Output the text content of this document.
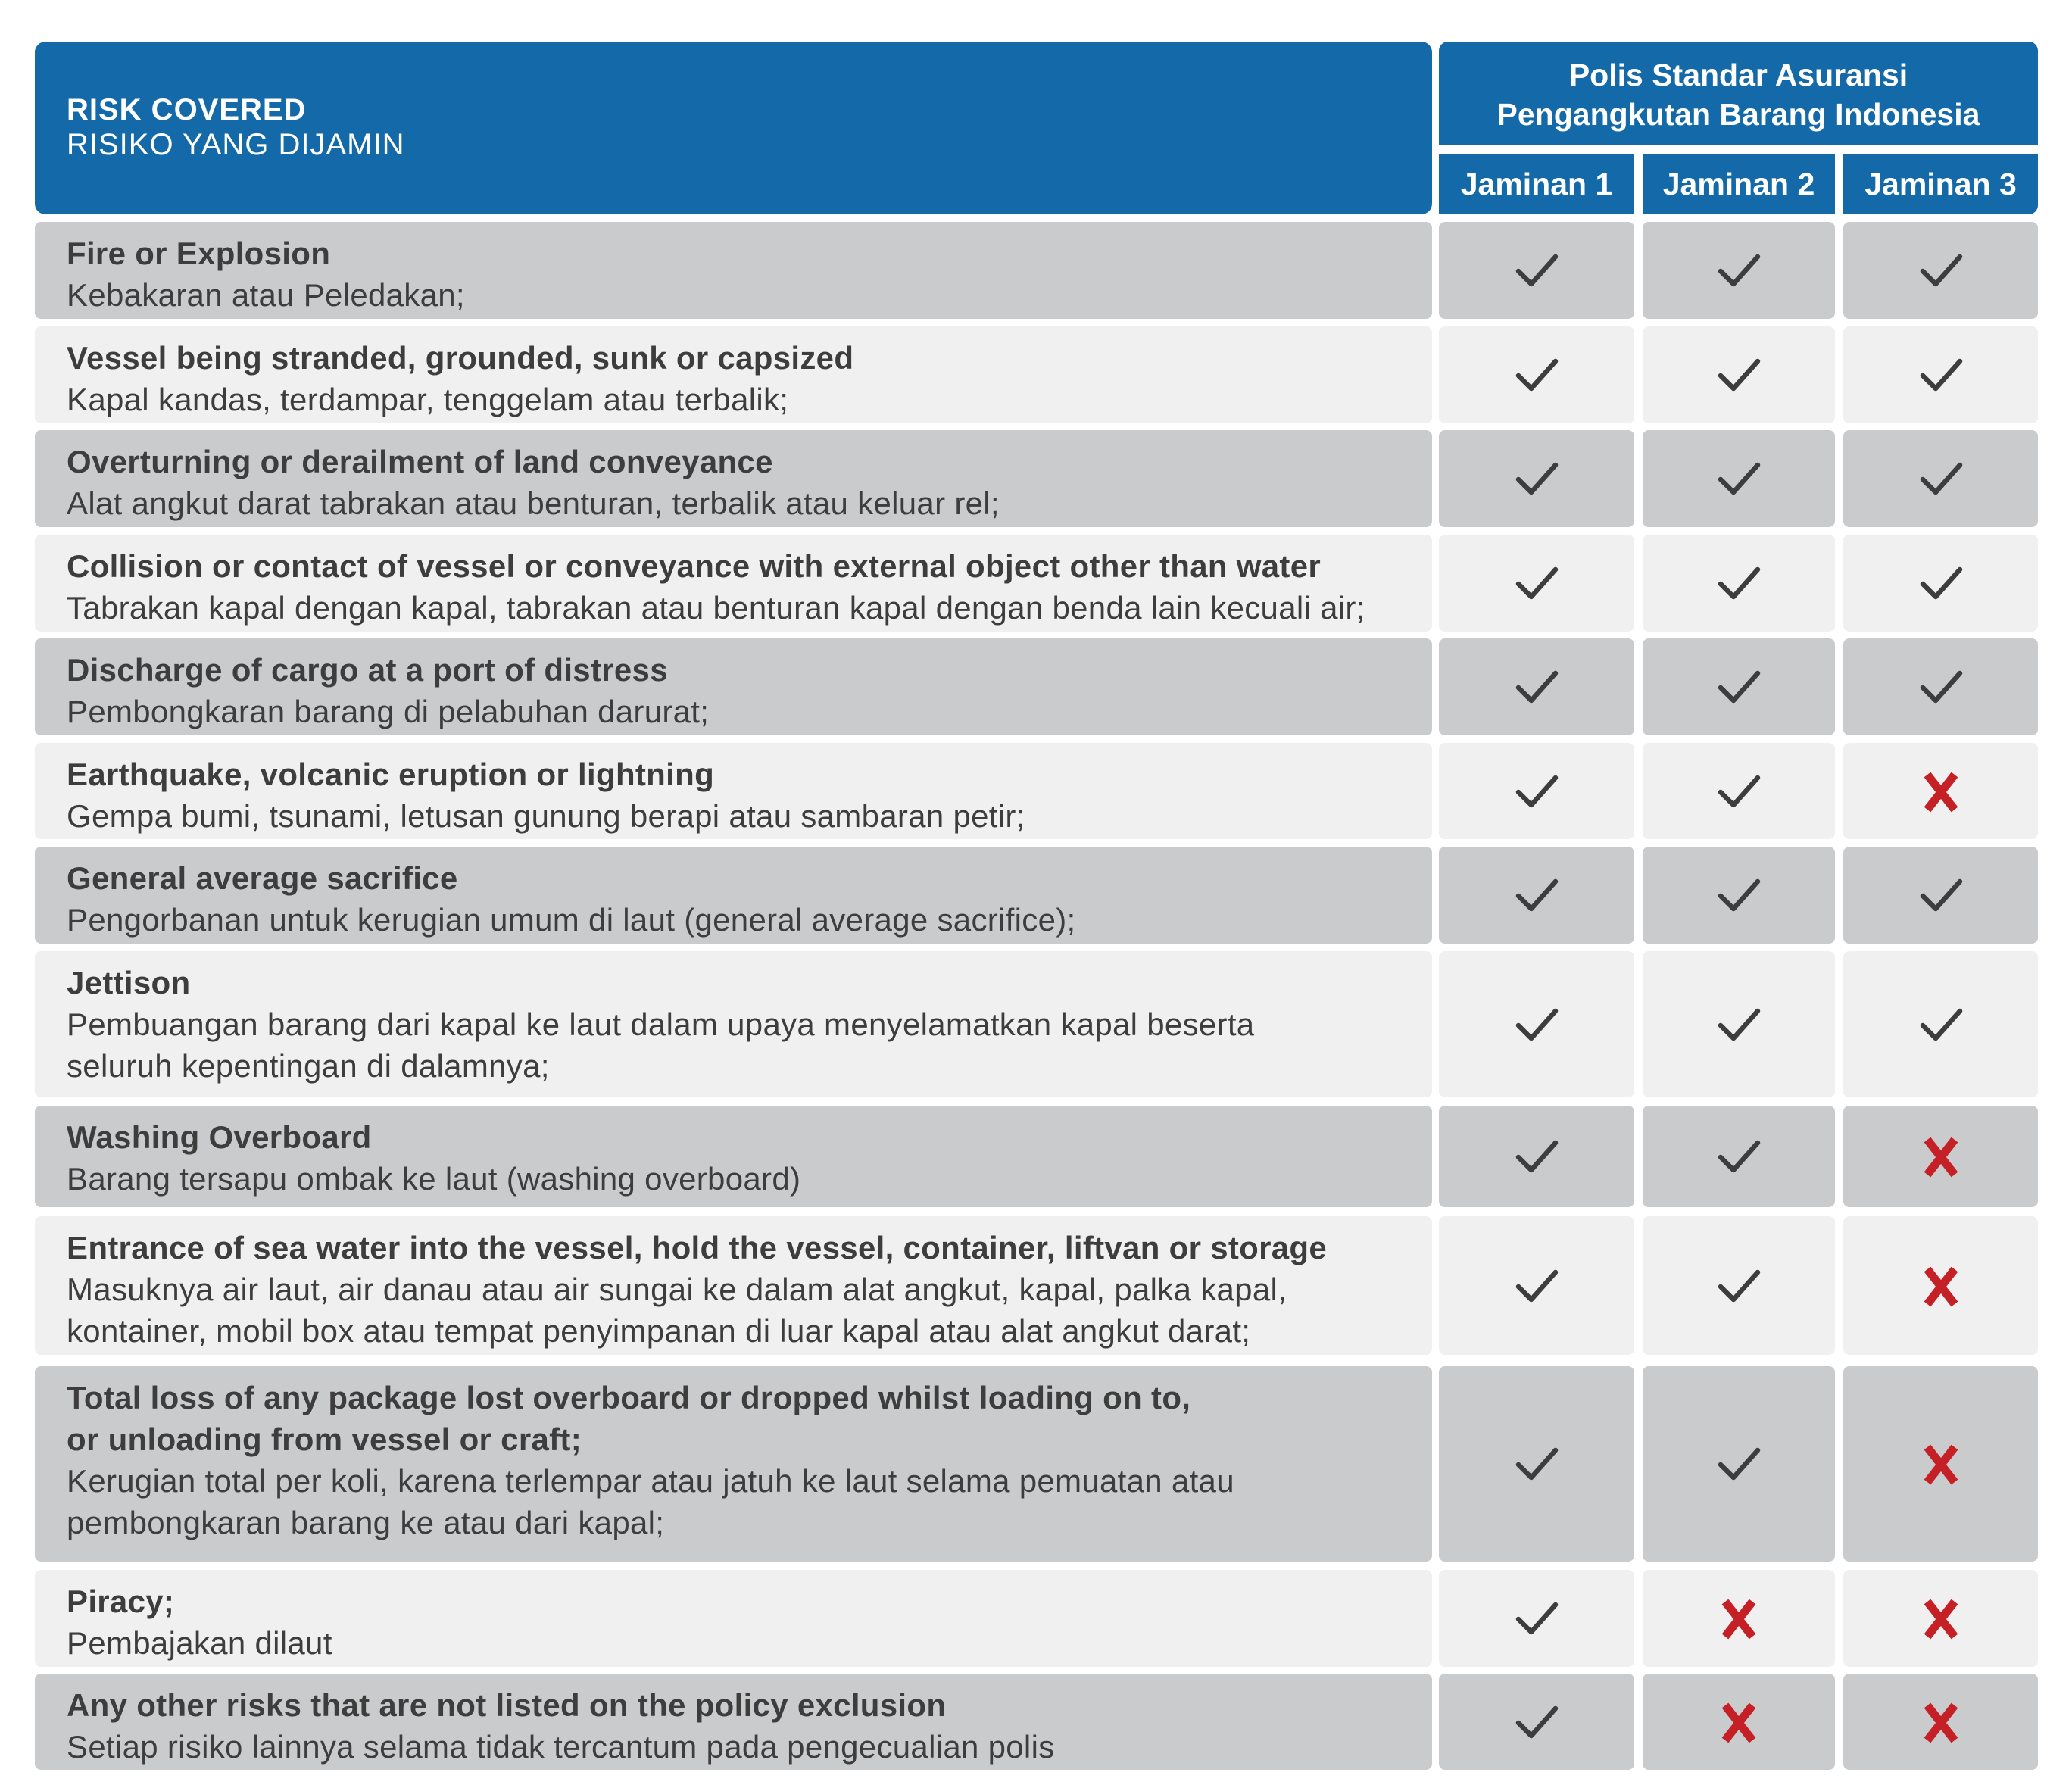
RISK COVERED
RISIKO YANG DIJAMIN
Polis Standar Asuransi
Pengangkutan Barang Indonesia
Jaminan 1	Jaminan 2	Jaminan 3
Fire or Explosion
Kebakaran atau Peledakan;
Vessel being stranded, grounded, sunk or capsized
Kapal kandas, terdampar, tenggelam atau terbalik;
Overturning or derailment of land conveyance
Alat angkut darat tabrakan atau benturan, terbalik atau keluar rel;
Collision or contact of vessel or conveyance with external object other than water
Tabrakan kapal dengan kapal, tabrakan atau benturan kapal dengan benda lain kecuali air;
Discharge of cargo at a port of distress
Pembongkaran barang di pelabuhan darurat;
Earthquake, volcanic eruption or lightning
Gempa bumi, tsunami, letusan gunung berapi atau sambaran petir;
General average sacrifice
Pengorbanan untuk kerugian umum di laut (general average sacrifice);
Jettison
Pembuangan barang dari kapal ke laut dalam upaya menyelamatkan kapal beserta
seluruh kepentingan di dalamnya;
Washing Overboard
Barang tersapu ombak ke laut (washing overboard)
Entrance of sea water into the vessel, hold the vessel, container, liftvan or storage
Masuknya air laut, air danau atau air sungai ke dalam alat angkut, kapal, palka kapal,
kontainer, mobil box atau tempat penyimpanan di luar kapal atau alat angkut darat;
Total loss of any package lost overboard or dropped whilst loading on to,
or unloading from vessel or craft;
Kerugian total per koli, karena terlempar atau jatuh ke laut selama pemuatan atau
pembongkaran barang ke atau dari kapal;
Piracy;
Pembajakan dilaut
Any other risks that are not listed on the policy exclusion
Setiap risiko lainnya selama tidak tercantum pada pengecualian polis
